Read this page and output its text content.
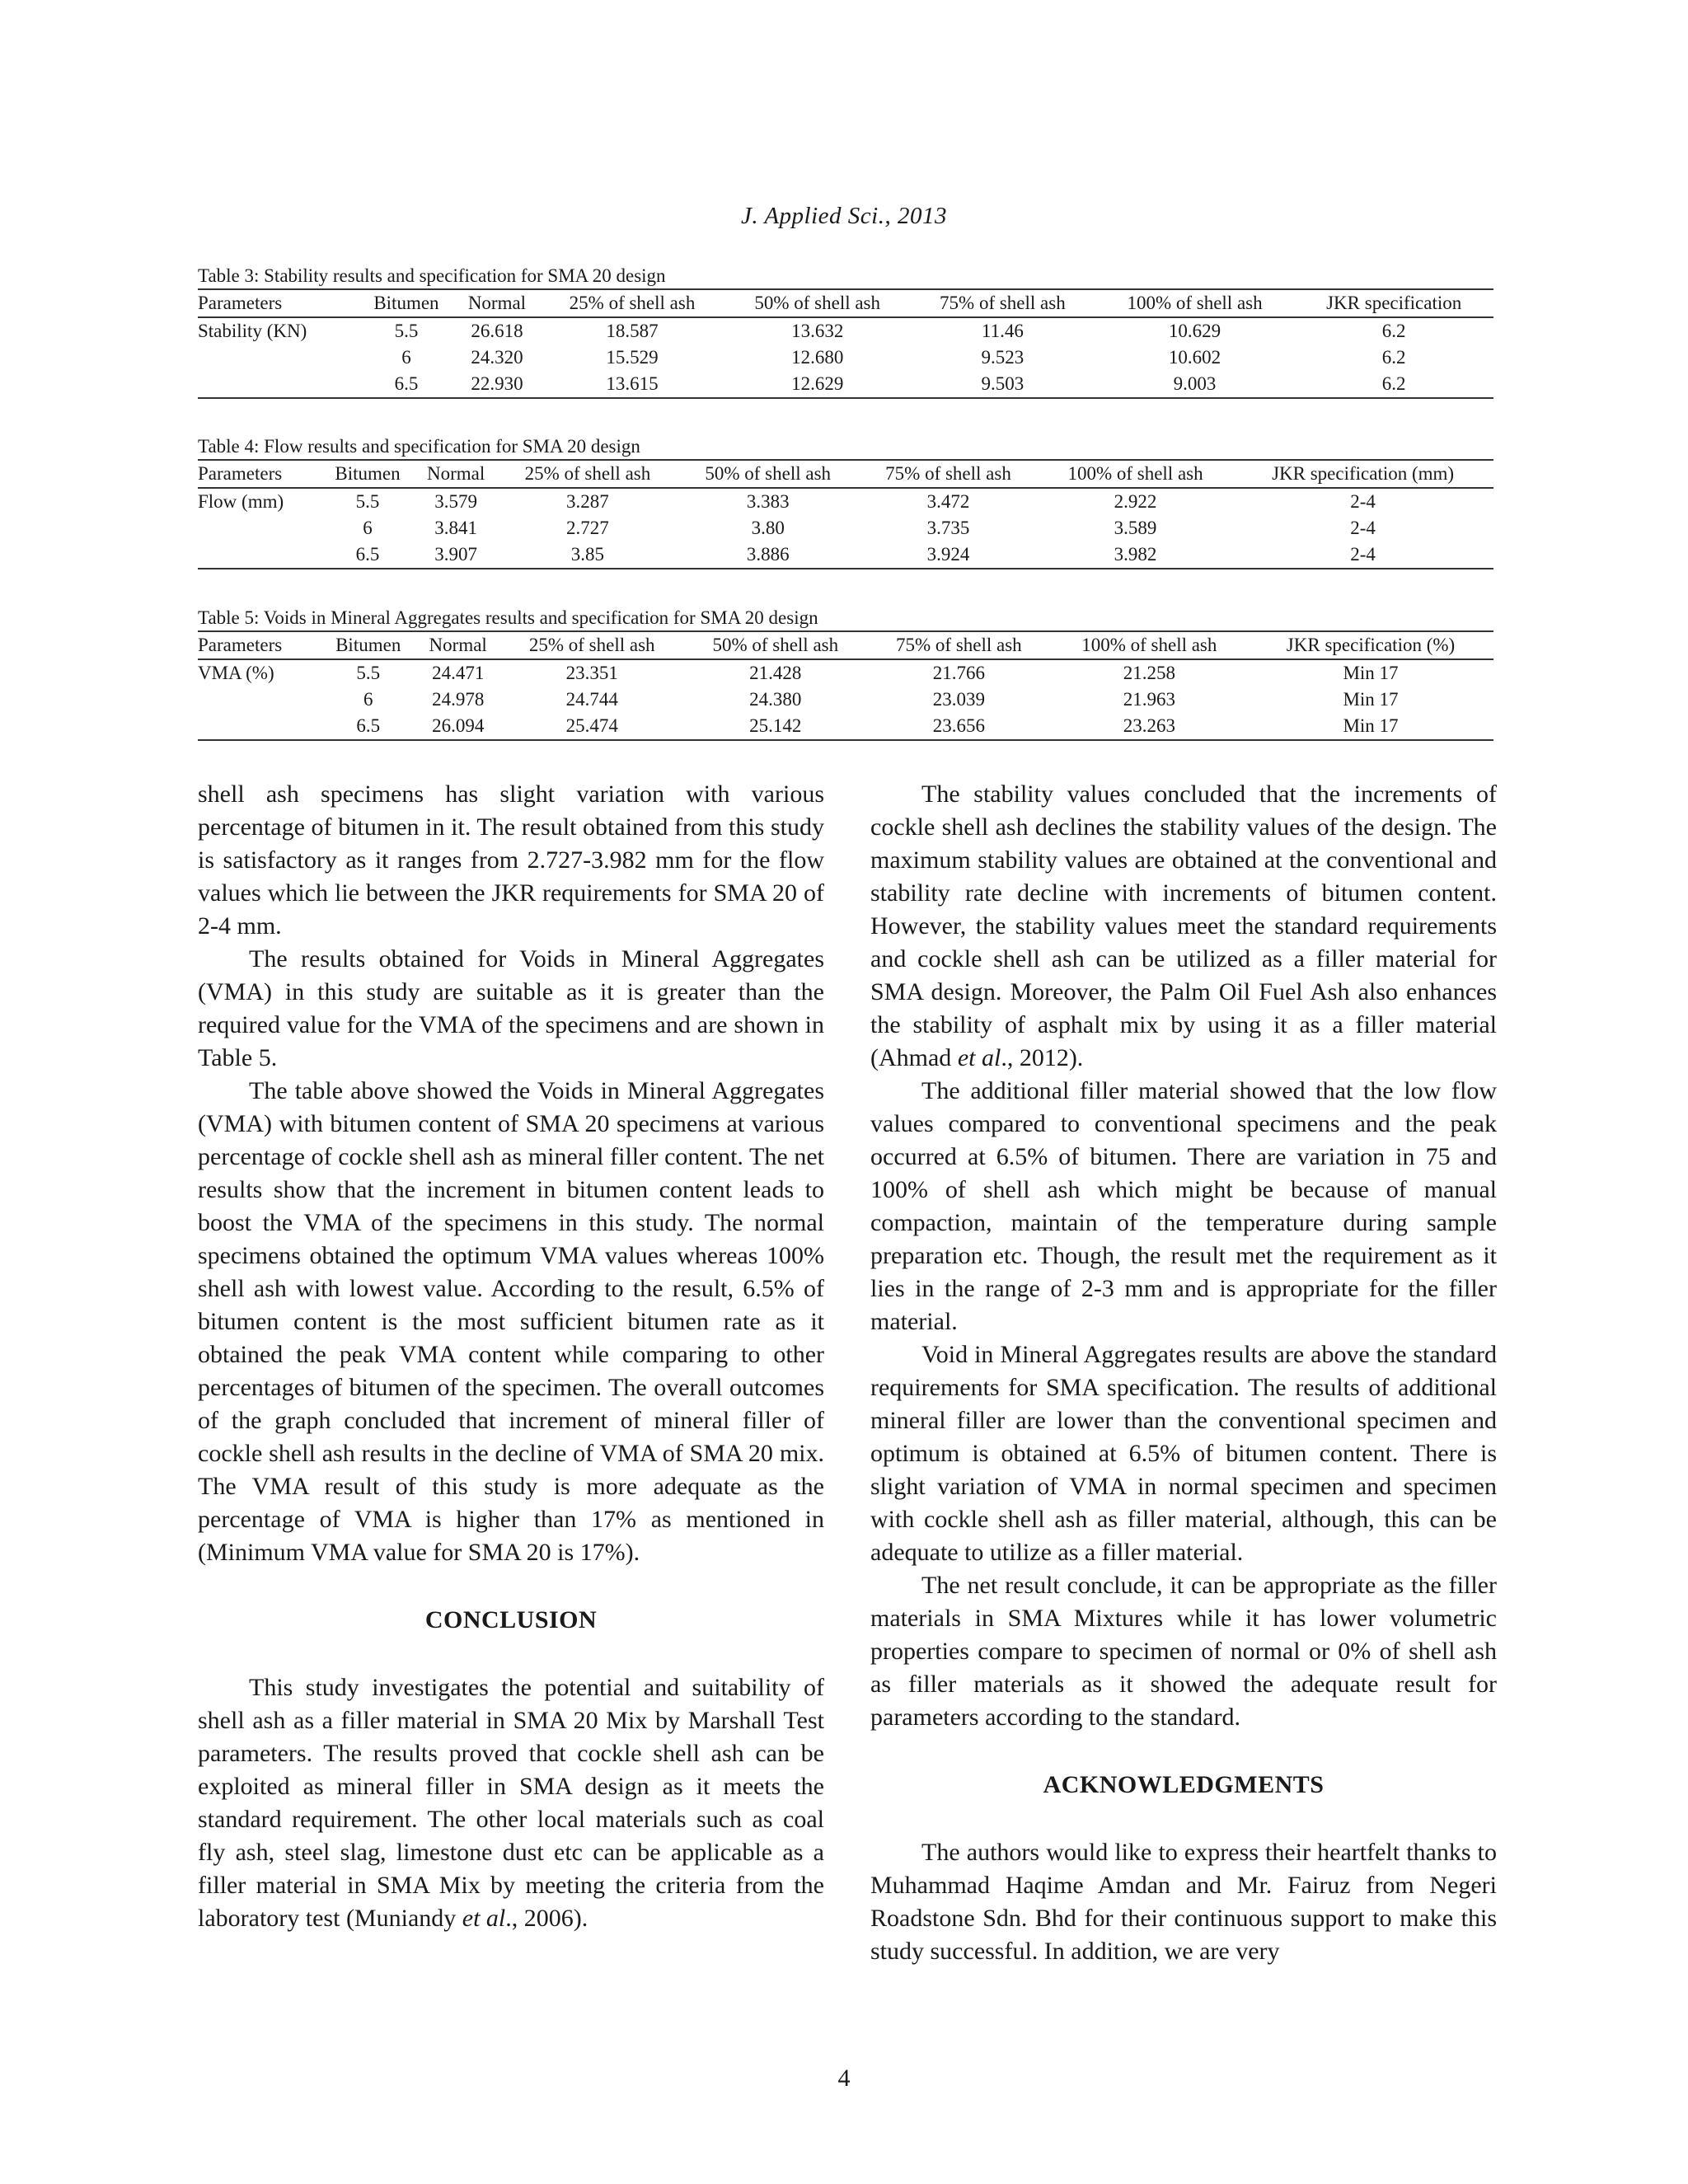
J. Applied Sci., 2013

Table 3: Stability results and specification for SMA 20 design

Parameters	Bitumen	Normal	25% of shell ash	50% of shell ash	75% of shell ash	100% of shell ash	JKR specification
Stability (KN)	5.5	26.618	18.587	13.632	11.46	10.629	6.2
	6	24.320	15.529	12.680	9.523	10.602	6.2
	6.5	22.930	13.615	12.629	9.503	9.003	6.2

Table 4: Flow results and specification for SMA 20 design

Parameters	Bitumen	Normal	25% of shell ash	50% of shell ash	75% of shell ash	100% of shell ash	JKR specification (mm)
Flow (mm)	5.5	3.579	3.287	3.383	3.472	2.922	2-4
	6	3.841	2.727	3.80	3.735	3.589	2-4
	6.5	3.907	3.85	3.886	3.924	3.982	2-4

Table 5: Voids in Mineral Aggregates results and specification for SMA 20 design

Parameters	Bitumen	Normal	25% of shell ash	50% of shell ash	75% of shell ash	100% of shell ash	JKR specification (%)
VMA (%)	5.5	24.471	23.351	21.428	21.766	21.258	Min 17
	6	24.978	24.744	24.380	23.039	21.963	Min 17
	6.5	26.094	25.474	25.142	23.656	23.263	Min 17

shell ash specimens has slight variation with various percentage of bitumen in it. The result obtained from this study is satisfactory as it ranges from 2.727-3.982 mm for the flow values which lie between the JKR requirements for SMA 20 of 2-4 mm.

The results obtained for Voids in Mineral Aggregates (VMA) in this study are suitable as it is greater than the required value for the VMA of the specimens and are shown in Table 5.

The table above showed the Voids in Mineral Aggregates (VMA) with bitumen content of SMA 20 specimens at various percentage of cockle shell ash as mineral filler content. The net results show that the increment in bitumen content leads to boost the VMA of the specimens in this study. The normal specimens obtained the optimum VMA values whereas 100% shell ash with lowest value. According to the result, 6.5% of bitumen content is the most sufficient bitumen rate as it obtained the peak VMA content while comparing to other percentages of bitumen of the specimen. The overall outcomes of the graph concluded that increment of mineral filler of cockle shell ash results in the decline of VMA of SMA 20 mix. The VMA result of this study is more adequate as the percentage of VMA is higher than 17% as mentioned in (Minimum VMA value for SMA 20 is 17%).

CONCLUSION

This study investigates the potential and suitability of shell ash as a filler material in SMA 20 Mix by Marshall Test parameters. The results proved that cockle shell ash can be exploited as mineral filler in SMA design as it meets the standard requirement. The other local materials such as coal fly ash, steel slag, limestone dust etc can be applicable as a filler material in SMA Mix by meeting the criteria from the laboratory test (Muniandy et al., 2006).

The stability values concluded that the increments of cockle shell ash declines the stability values of the design. The maximum stability values are obtained at the conventional and stability rate decline with increments of bitumen content. However, the stability values meet the standard requirements and cockle shell ash can be utilized as a filler material for SMA design. Moreover, the Palm Oil Fuel Ash also enhances the stability of asphalt mix by using it as a filler material (Ahmad et al., 2012).

The additional filler material showed that the low flow values compared to conventional specimens and the peak occurred at 6.5% of bitumen. There are variation in 75 and 100% of shell ash which might be because of manual compaction, maintain of the temperature during sample preparation etc. Though, the result met the requirement as it lies in the range of 2-3 mm and is appropriate for the filler material.

Void in Mineral Aggregates results are above the standard requirements for SMA specification. The results of additional mineral filler are lower than the conventional specimen and optimum is obtained at 6.5% of bitumen content. There is slight variation of VMA in normal specimen and specimen with cockle shell ash as filler material, although, this can be adequate to utilize as a filler material.

The net result conclude, it can be appropriate as the filler materials in SMA Mixtures while it has lower volumetric properties compare to specimen of normal or 0% of shell ash as filler materials as it showed the adequate result for parameters according to the standard.

ACKNOWLEDGMENTS

The authors would like to express their heartfelt thanks to Muhammad Haqime Amdan and Mr. Fairuz from Negeri Roadstone Sdn. Bhd for their continuous support to make this study successful. In addition, we are very

4
